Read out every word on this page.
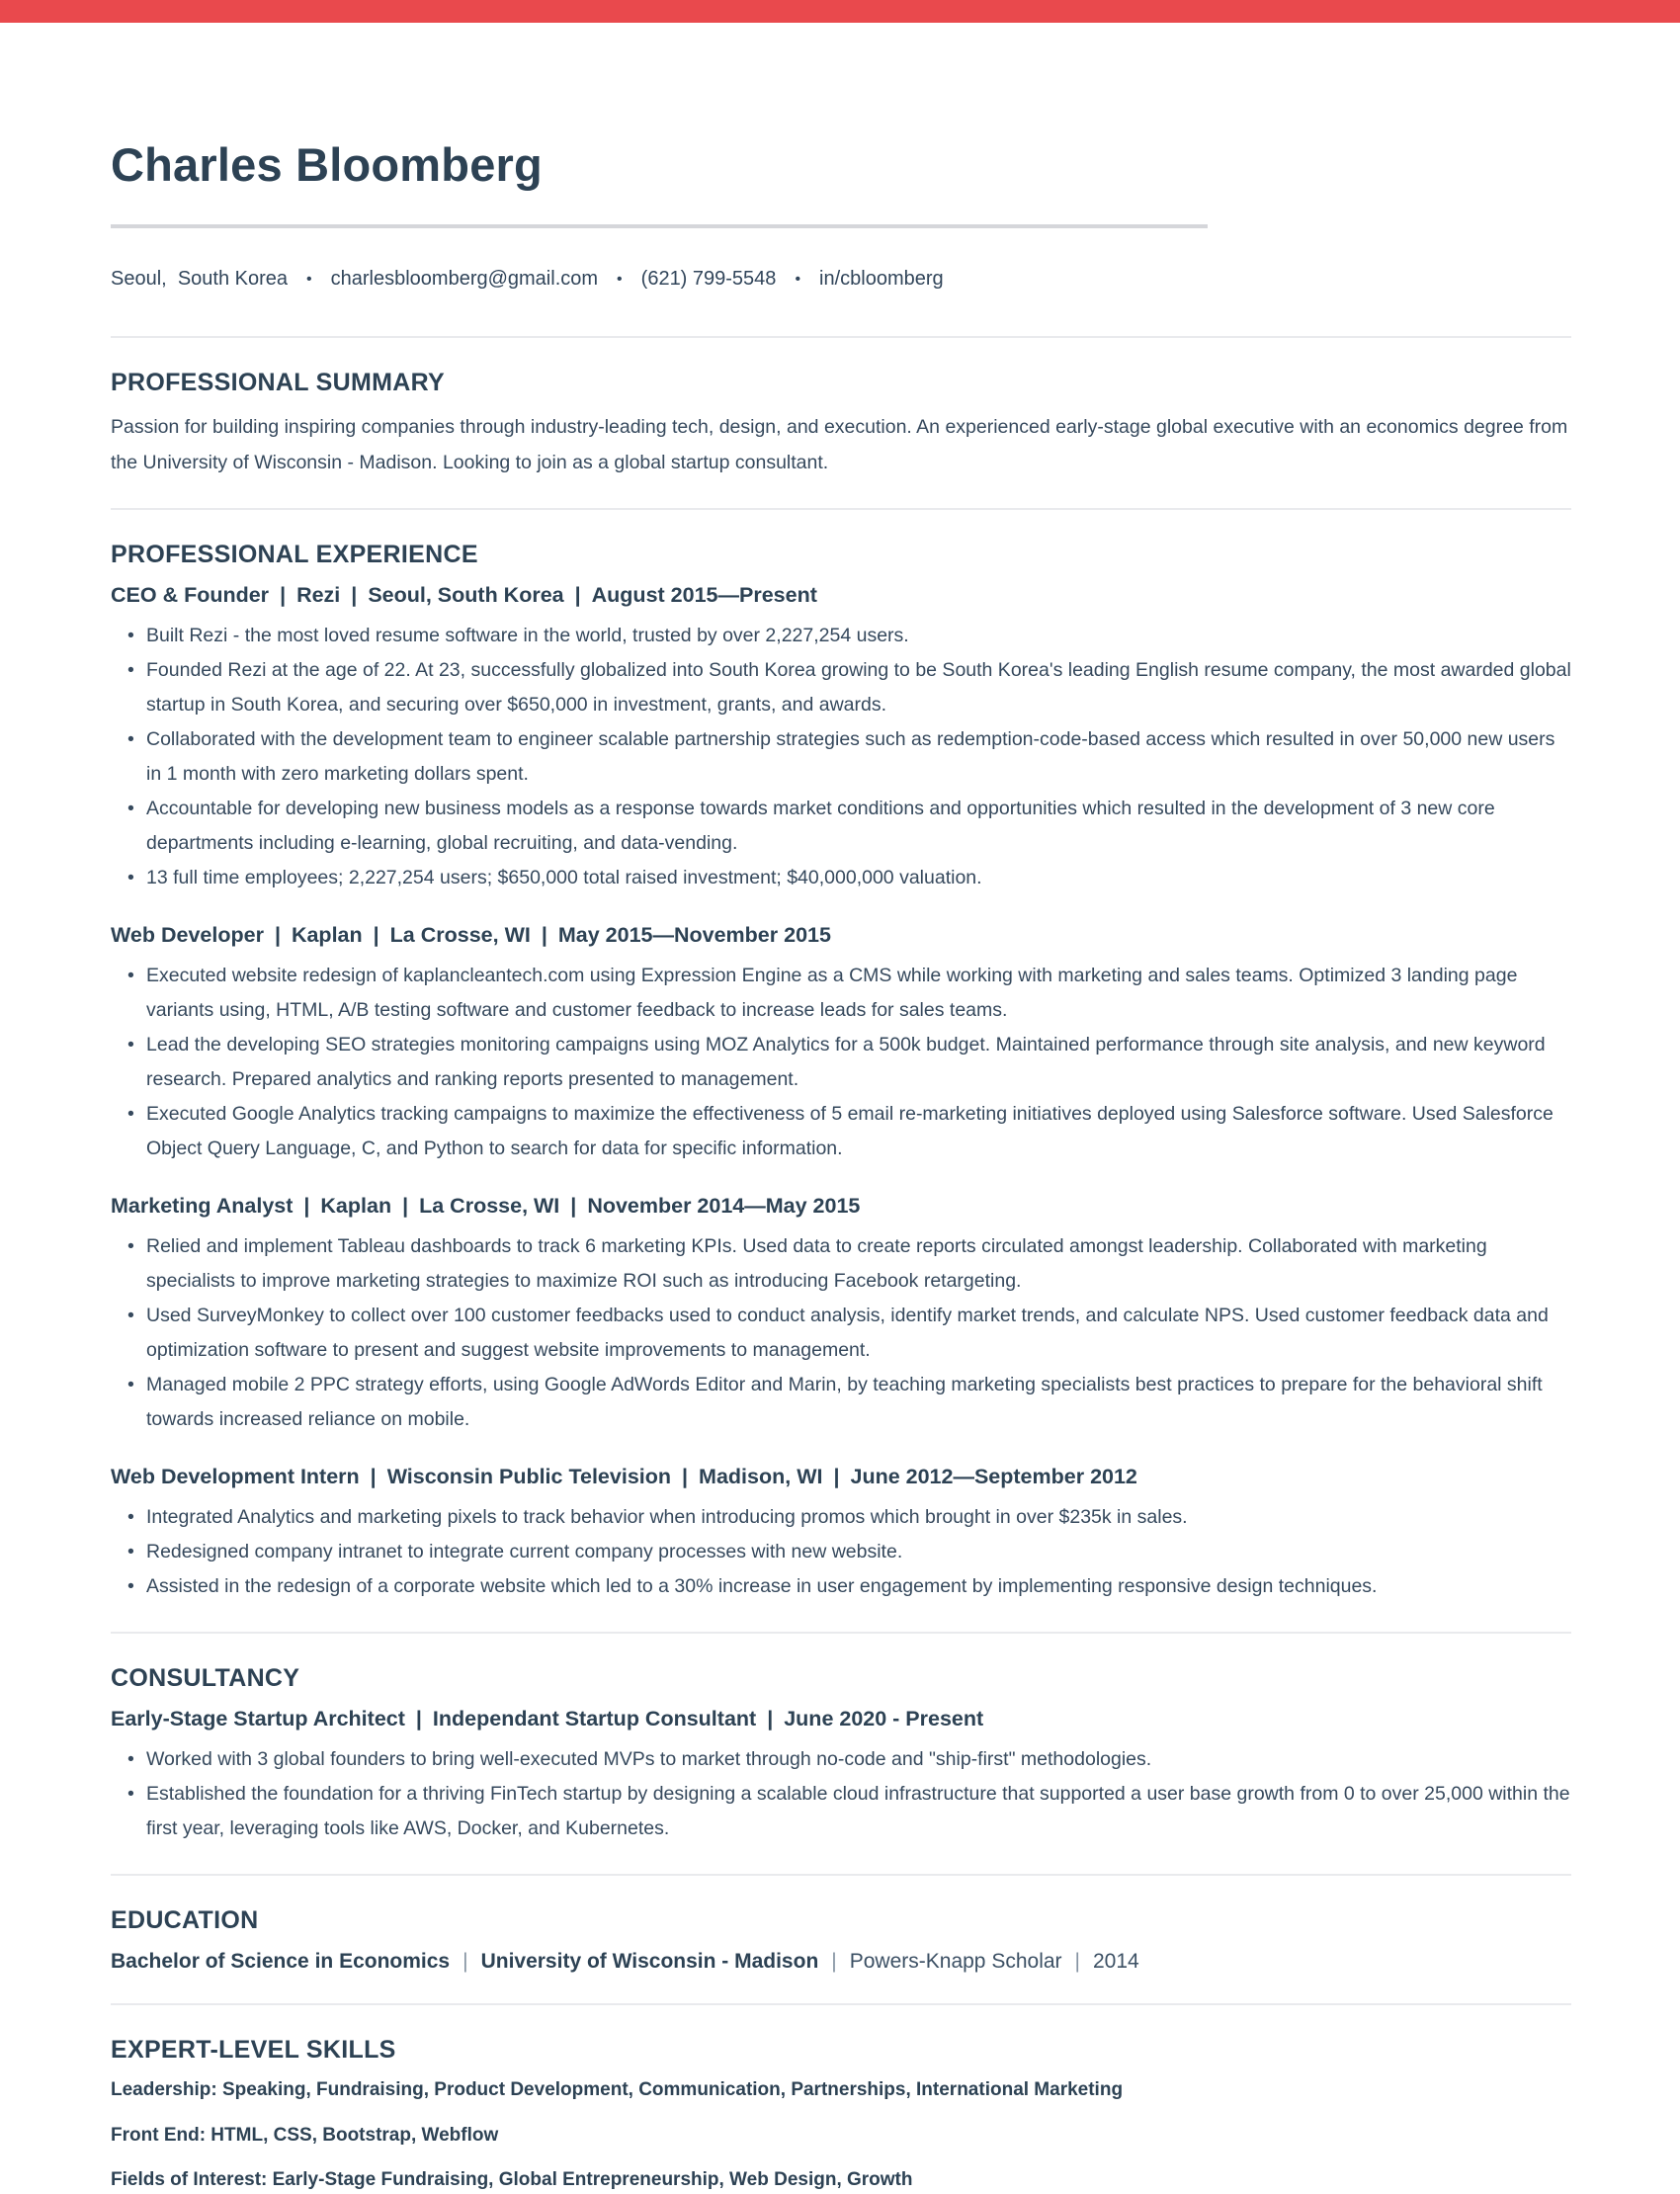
Charles Bloomberg
Seoul,  South Korea • charlesbloomberg@gmail.com • (621) 799-5548 • in/cbloomberg
PROFESSIONAL SUMMARY

Passion for building inspiring companies through industry-leading tech, design, and execution. An experienced early-stage global executive with an economics degree from the University of Wisconsin - Madison. Looking to join as a global startup consultant.

PROFESSIONAL EXPERIENCE
CEO & Founder | Rezi | Seoul, South Korea | August 2015—Present
• Built Rezi - the most loved resume software in the world, trusted by over 2,227,254 users.
• Founded Rezi at the age of 22. At 23, successfully globalized into South Korea growing to be South Korea's leading English resume company, the most awarded global startup in South Korea, and securing over $650,000 in investment, grants, and awards.
• Collaborated with the development team to engineer scalable partnership strategies such as redemption-code-based access which resulted in over 50,000 new users in 1 month with zero marketing dollars spent.
• Accountable for developing new business models as a response towards market conditions and opportunities which resulted in the development of 3 new core departments including e-learning, global recruiting, and data-vending.
• 13 full time employees; 2,227,254 users; $650,000 total raised investment; $40,000,000 valuation.
Web Developer | Kaplan | La Crosse, WI | May 2015—November 2015
• Executed website redesign of kaplancleantech.com using Expression Engine as a CMS while working with marketing and sales teams. Optimized 3 landing page variants using, HTML, A/B testing software and customer feedback to increase leads for sales teams.
• Lead the developing SEO strategies monitoring campaigns using MOZ Analytics for a 500k budget. Maintained performance through site analysis, and new keyword research. Prepared analytics and ranking reports presented to management.
• Executed Google Analytics tracking campaigns to maximize the effectiveness of 5 email re-marketing initiatives deployed using Salesforce software. Used Salesforce Object Query Language, C, and Python to search for data for specific information.
Marketing Analyst | Kaplan | La Crosse, WI | November 2014—May 2015
• Relied and implement Tableau dashboards to track 6 marketing KPIs. Used data to create reports circulated amongst leadership. Collaborated with marketing specialists to improve marketing strategies to maximize ROI such as introducing Facebook retargeting.
• Used SurveyMonkey to collect over 100 customer feedbacks used to conduct analysis, identify market trends, and calculate NPS. Used customer feedback data and optimization software to present and suggest website improvements to management.
• Managed mobile 2 PPC strategy efforts, using Google AdWords Editor and Marin, by teaching marketing specialists best practices to prepare for the behavioral shift towards increased reliance on mobile.
Web Development Intern | Wisconsin Public Television | Madison, WI | June 2012—September 2012
• Integrated Analytics and marketing pixels to track behavior when introducing promos which brought in over $235k in sales.
• Redesigned company intranet to integrate current company processes with new website.
• Assisted in the redesign of a corporate website which led to a 30% increase in user engagement by implementing responsive design techniques.
CONSULTANCY
Early-Stage Startup Architect | Independant Startup Consultant | June 2020 - Present
• Worked with 3 global founders to bring well-executed MVPs to market through no-code and "ship-first" methodologies.
• Established the foundation for a thriving FinTech startup by designing a scalable cloud infrastructure that supported a user base growth from 0 to over 25,000 within the first year, leveraging tools like AWS, Docker, and Kubernetes.
EDUCATION

Bachelor of Science in Economics | University of Wisconsin - Madison | Powers-Knapp Scholar | 2014

EXPERT-LEVEL SKILLS

Leadership: Speaking, Fundraising, Product Development, Communication, Partnerships, International Marketing

Front End: HTML, CSS, Bootstrap, Webflow

Fields of Interest: Early-Stage Fundraising, Global Entrepreneurship, Web Design, Growth
